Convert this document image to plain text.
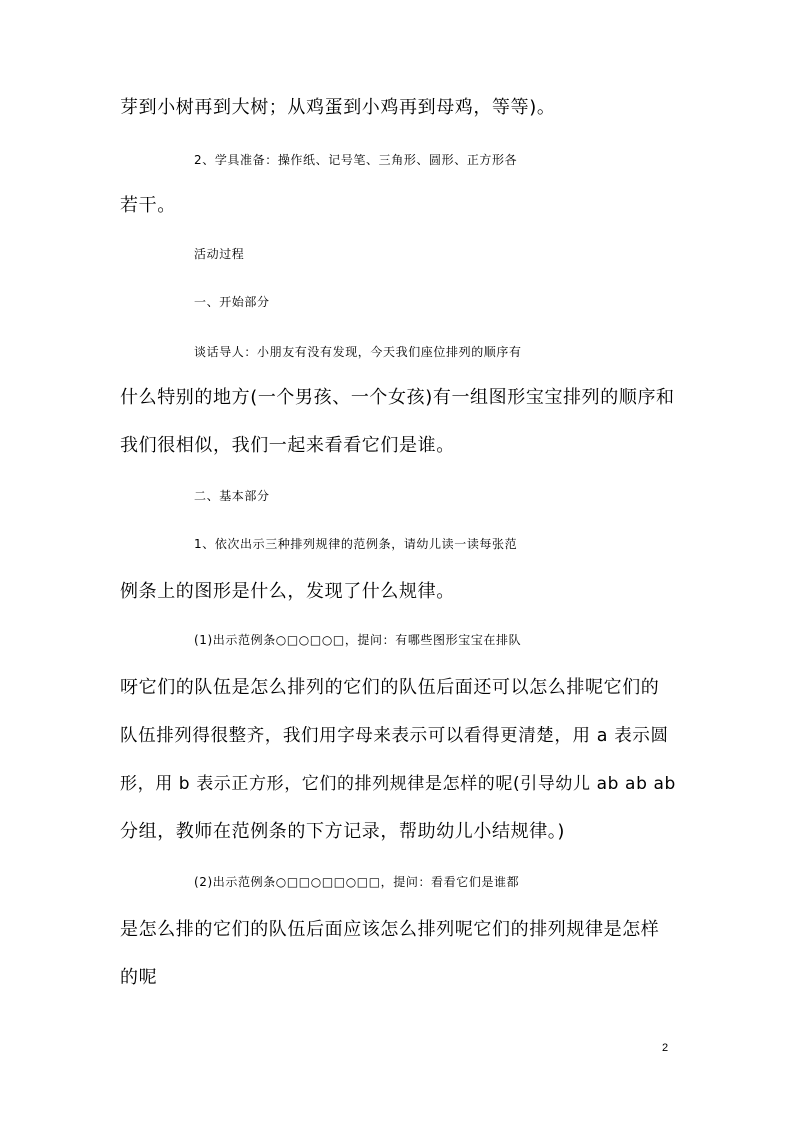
芽到小树再到大树；从鸡蛋到小鸡再到母鸡，等等)。
2、学具准备：操作纸、记号笔、三角形、圆形、正方形各
若干。
活动过程
一、开始部分
谈话导人：小朋友有没有发现，今天我们座位排列的顺序有
什么特别的地方(一个男孩、一个女孩)有一组图形宝宝排列的顺序和
我们很相似，我们一起来看看它们是谁。
二、基本部分
1、依次出示三种排列规律的范例条，请幼儿读一读每张范
例条上的图形是什么，发现了什么规律。
(1)出示范例条○□○□○□，提问：有哪些图形宝宝在排队
呀它们的队伍是怎么排列的它们的队伍后面还可以怎么排呢它们的
队伍排列得很整齐，我们用字母来表示可以看得更清楚，用 a 表示圆
形，用 b 表示正方形，它们的排列规律是怎样的呢(引导幼儿 ab ab ab
分组，教师在范例条的下方记录，帮助幼儿小结规律。)
(2)出示范例条○□□○□□○□□，提问：看看它们是谁都
是怎么排的它们的队伍后面应该怎么排列呢它们的排列规律是怎样
的呢
2
